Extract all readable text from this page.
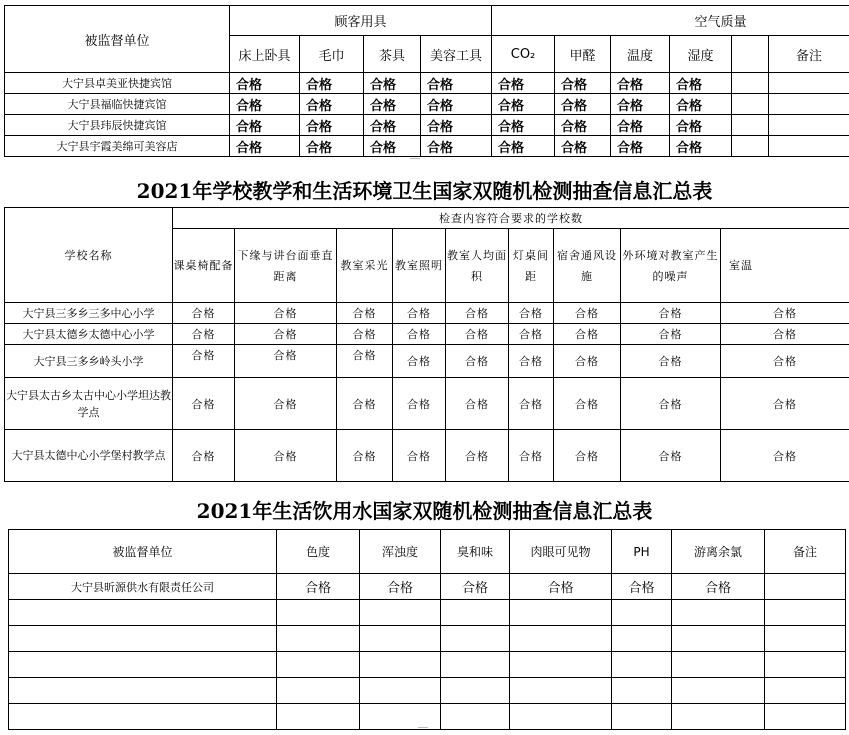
被监督单位	顾客用具				空气质量					
	床上卧具	毛巾	茶具	美容工具	CO₂	甲醛	温度	湿度		备注
大宁县卓美亚快捷宾馆	合格	合格	合格	合格	合格	合格	合格	合格		
大宁县福临快捷宾馆	合格	合格	合格	合格	合格	合格	合格	合格		
大宁县玮辰快捷宾馆	合格	合格	合格	合格	合格	合格	合格	合格		
大宁县宇霞美绵可美容店	合格	合格	合格	合格	合格	合格	合格	合格		
2021年学校教学和生活环境卫生国家双随机检测抽查信息汇总表
学校名称	检查内容符合要求的学校数								
	课桌椅配备	下缘与讲台面垂直距离	教室采光	教室照明	教室人均面积	灯桌间距	宿舍通风设施	外环境对教室产生的噪声	室温
大宁县三多乡三多中心小学	合格	合格	合格	合格	合格	合格	合格	合格	合格
大宁县太德乡太德中心小学	合格	合格	合格	合格	合格	合格	合格	合格	合格
大宁县三多乡岭头小学	合格	合格	合格	合格	合格	合格	合格	合格	合格
大宁县太古乡太古中心小学坦达教学点	合格	合格	合格	合格	合格	合格	合格	合格	合格
大宁县太德中心小学堡村教学点	合格	合格	合格	合格	合格	合格	合格	合格	合格
2021年生活饮用水国家双随机检测抽查信息汇总表
被监督单位	色度	浑浊度	臭和味	肉眼可见物	PH	游离余氯	备注
大宁县昕源供水有限责任公司	合格	合格	合格	合格	合格	合格	
